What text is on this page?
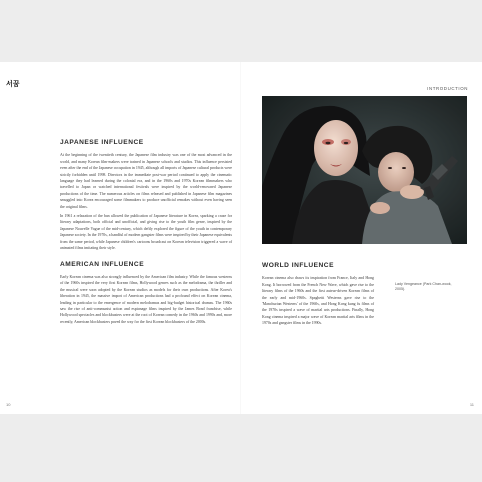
서꿈
JAPANESE INFLUENCE

At the beginning of the twentieth century, the Japanese film industry was one of the most advanced in the world, and many Korean film-makers were trained in Japanese schools and studios. This influence persisted even after the end of the Japanese occupation in 1945, although all imports of Japanese cultural products were strictly forbidden until 1998. Directors in the immediate post-war period continued to apply the cinematic language they had learned during the colonial era, and in the 1960s and 1970s Korean filmmakers who travelled to Japan or watched international festivals were inspired by the world-renowned Japanese productions of the time. The numerous articles on films released and published in Japanese film magazines smuggled into Korea encouraged some filmmakers to produce unofficial remakes without even having seen the original films.

In 1961 a relaxation of the ban allowed the publication of Japanese literature in Korea, sparking a craze for literary adaptations, both official and unofficial, and giving rise to the youth film genre, inspired by the Japanese Nouvelle Vague of the mid-century, which deftly explored the figure of the youth in contemporary Japanese society. In the 1970s, a handful of modern gangster films were inspired by their Japanese equivalents from the same period, while Japanese children's cartoons broadcast on Korean television triggered a wave of animated films imitating their style.

AMERICAN INFLUENCE

Early Korean cinema was also strongly influenced by the American film industry. While the famous westerns of the 1960s inspired the very first Korean films, Hollywood genres such as the melodrama, the thriller and the musical were soon adopted by the Korean studios as models for their own productions. After Korea's liberation in 1945, the massive import of American productions had a profound effect on Korean cinema, leading in particular to the emergence of modern melodramas and big-budget historical dramas. The 1960s saw the rise of anti-communist action and espionage films inspired by the James Bond franchise, while Hollywood spectacles and blockbusters were at the root of Korean comedy in the 1960s and 1990s and, more recently, American blockbusters paved the way for the first Korean blockbusters of the 2000s.

10
INTRODUCTION
WORLD INFLUENCE

Korean cinema also draws its inspiration from France, Italy and Hong Kong. It borrowed from the French New Wave, which gave rise to the literary films of the 1960s and the first auteur-driven Korean films of the early and mid-1960s. Spaghetti Westerns gave rise to the 'Manchurian Westerns' of the 1960s, and Hong Kong kung fu films of the 1970s inspired a wave of martial arts productions. Finally, Hong Kong cinema inspired a major wave of Korean martial arts films in the 1970s and gangster films in the 1990s.

Lady Vengeance (Park Chan-wook, 2005).
11
